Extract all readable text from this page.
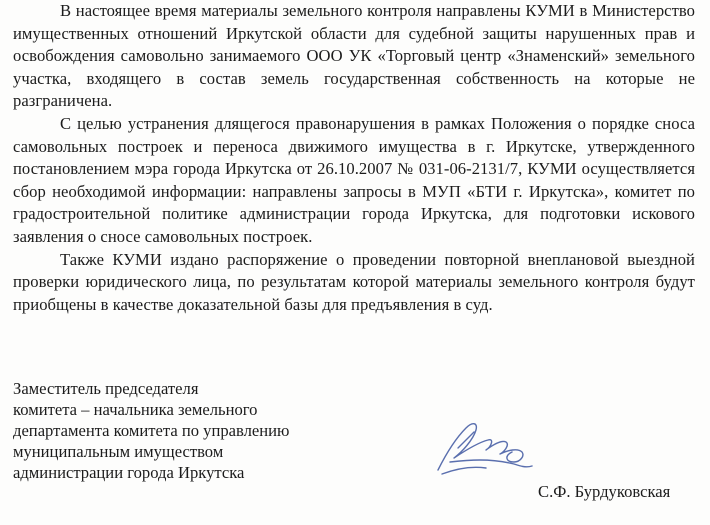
В настоящее время материалы земельного контроля направлены КУМИ в Министерство имущественных отношений Иркутской области для судебной защиты нарушенных прав и освобождения самовольно занимаемого ООО УК «Торговый центр «Знаменский» земельного участка, входящего в состав земель государственная собственность на которые не разграничена.

С целью устранения длящегося правонарушения в рамках Положения о порядке сноса самовольных построек и переноса движимого имущества в г. Иркутске, утвержденного постановлением мэра города Иркутска от 26.10.2007 № 031-06-2131/7, КУМИ осуществляется сбор необходимой информации: направлены запросы в МУП «БТИ г. Иркутска», комитет по градостроительной политике администрации города Иркутска, для подготовки искового заявления о сносе самовольных построек.

Также КУМИ издано распоряжение о проведении повторной внеплановой выездной проверки юридического лица, по результатам которой материалы земельного контроля будут приобщены в качестве доказательной базы для предъявления в суд.

Заместитель председателя
комитета – начальника земельного
департамента комитета по управлению
муниципальным имуществом
администрации города Иркутска
С.Ф. Бурдуковская
